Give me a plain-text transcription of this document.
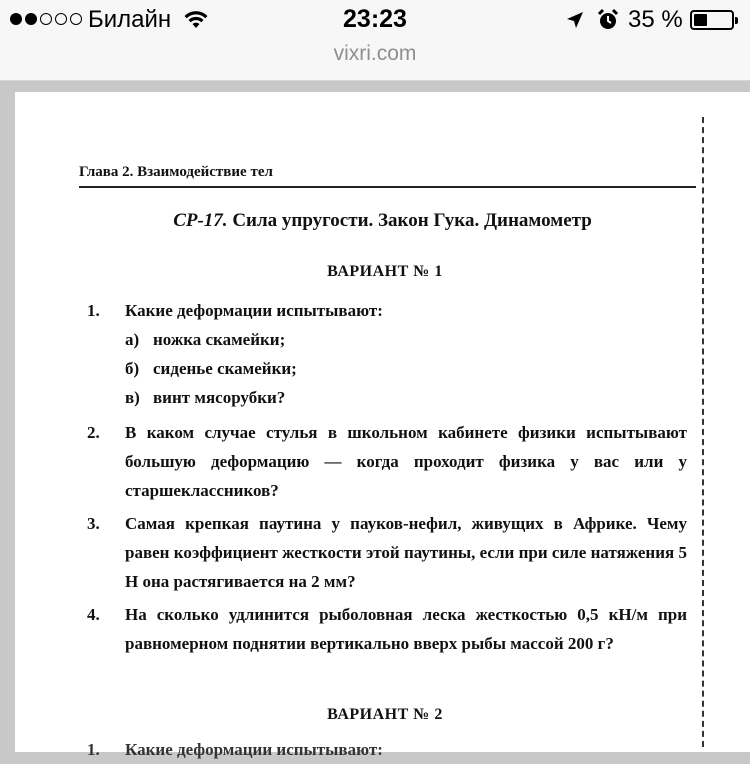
Билайн	23:23	35 %
vixri.com
Глава 2. Взаимодействие тел
СР-17. Сила упругости. Закон Гука. Динамометр
ВАРИАНТ № 1
1. Какие деформации испытывают:
а) ножка скамейки;
б) сиденье скамейки;
в) винт мясорубки?
2. В каком случае стулья в школьном кабинете физики испытывают большую деформацию — когда проходит физика у вас или у старшеклассников?
3. Самая крепкая паутина у пауков-нефил, живущих в Африке. Чему равен коэффициент жесткости этой паутины, если при силе натяжения 5 Н она растягивается на 2 мм?
4. На сколько удлинится рыболовная леска жесткостью 0,5 кН/м при равномерном поднятии вертикально вверх рыбы массой 200 г?
ВАРИАНТ № 2
1. Какие деформации испытывают:
